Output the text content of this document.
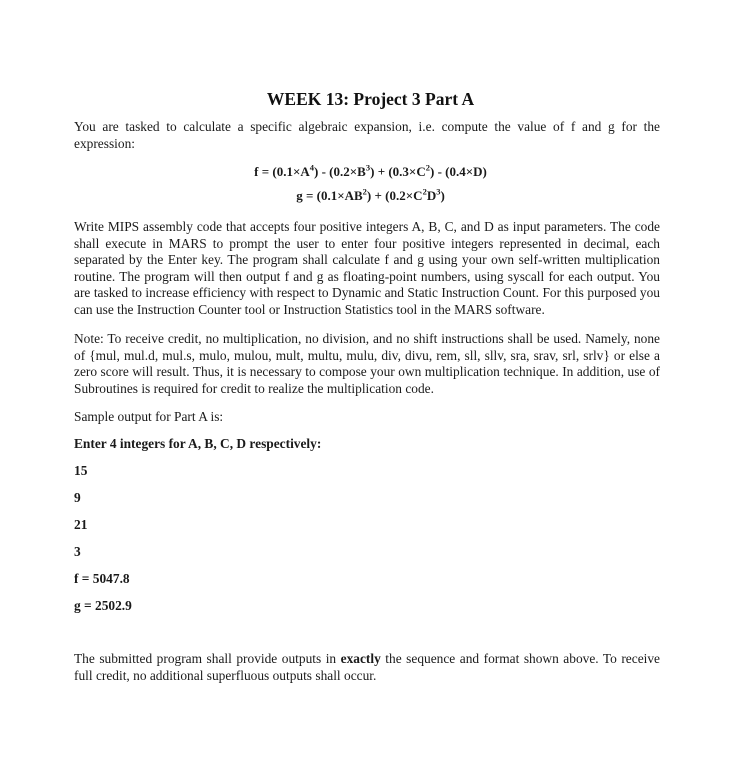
WEEK 13: Project 3 Part A

You are tasked to calculate a specific algebraic expansion, i.e. compute the value of f and g for the expression:

$f = (0.1\times A^4) - (0.2\times B^3) + (0.3\times C^2) - (0.4\times D)$
$g = (0.1\times AB^2) + (0.2\times C^2D^3)$

Write MIPS assembly code that accepts four positive integers A, B, C, and D as input parameters. The code shall execute in MARS to prompt the user to enter four positive integers represented in decimal, each separated by the Enter key. The program shall calculate f and g using your own self-written multiplication routine. The program will then output f and g as floating-point numbers, using syscall for each output. You are tasked to increase efficiency with respect to Dynamic and Static Instruction Count. For this purposed you can use the Instruction Counter tool or Instruction Statistics tool in the MARS software.

Note: To receive credit, no multiplication, no division, and no shift instructions shall be used. Namely, none of {mul, mul.d, mul.s, mulo, mulou, mult, multu, mulu, div, divu, rem, sll, sllv, sra, srav, srl, srlv} or else a zero score will result. Thus, it is necessary to compose your own multiplication technique. In addition, use of Subroutines is required for credit to realize the multiplication code.

Sample output for Part A is:

Enter 4 integers for A, B, C, D respectively:

15

9

21

3

f = 5047.8

g = 2502.9

The submitted program shall provide outputs in exactly the sequence and format shown above. To receive full credit, no additional superfluous outputs shall occur.
